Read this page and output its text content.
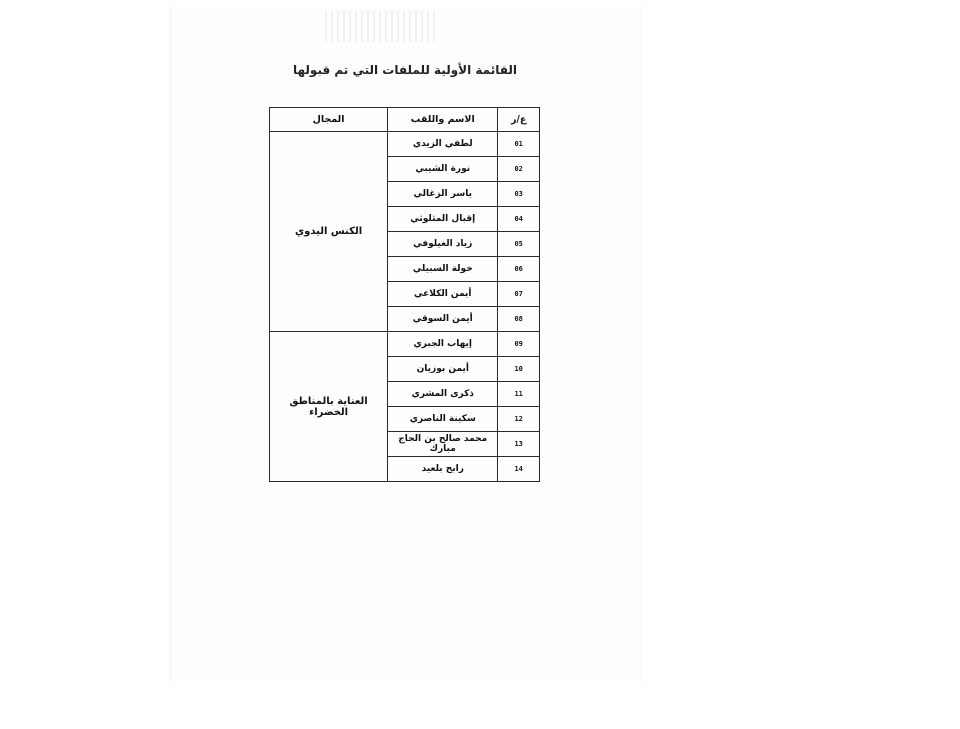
القائمة الأولية للملفات التي تم قبولها
ع/ر	الاسم واللقب	المجال
01	لطفي الزيدي	الكنس اليدوي
02	نورة الشيبي	
03	ياسر الزغالي	
04	إقبال المثلوثي	
05	زياد الغيلوفي	
06	خولة السبيلي	
07	أيمن الكلاعي	
08	أيمن السوقي	
09	إيهاب الجبري	العناية بالمناطق الخضراء
10	أيمن بوزيان	
11	ذكرى المشري	
12	سكينة الناصري	
13	محمد صالح بن الحاج مبارك	
14	رابح بلعيد	
